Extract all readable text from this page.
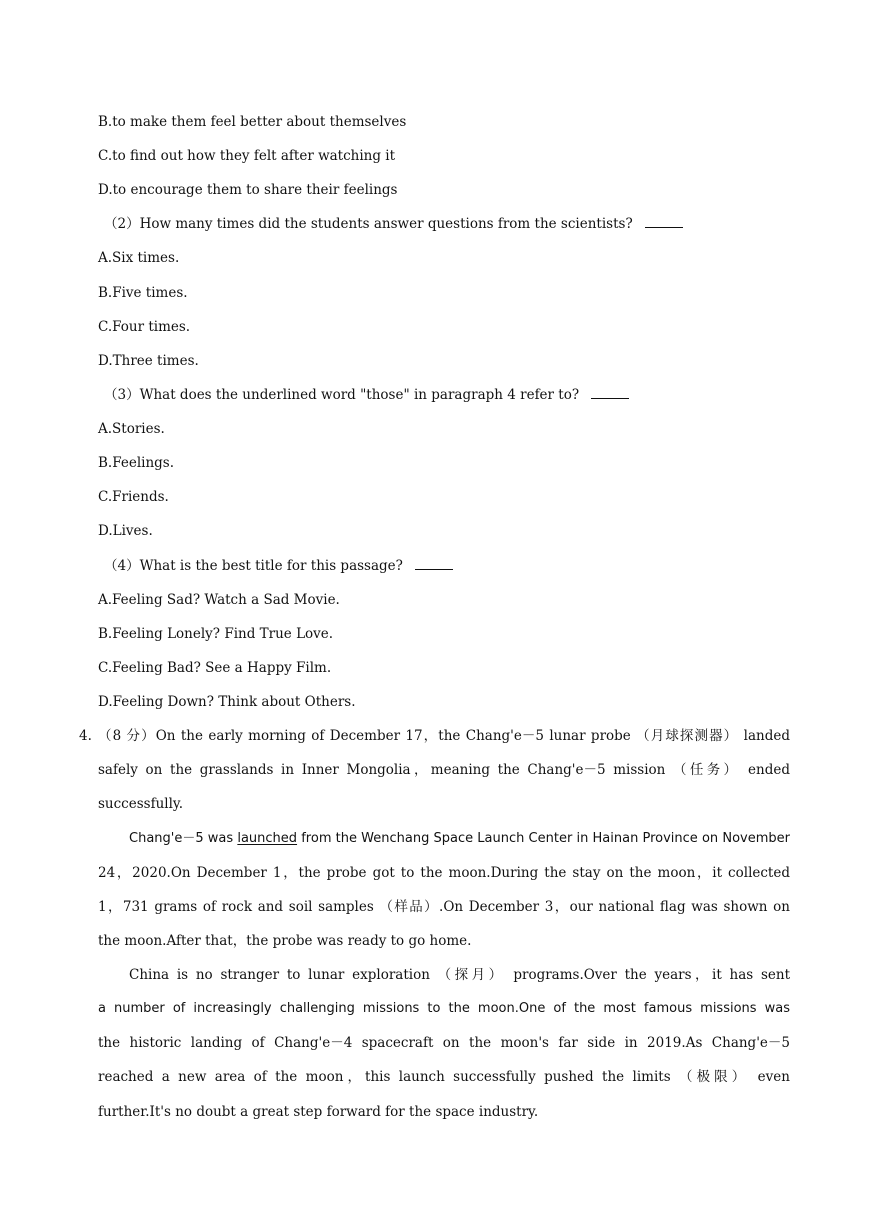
B.to make them feel better about themselves
C.to find out how they felt after watching it
D.to encourage them to share their feelings
（2）How many times did the students answer questions from the scientists?
A.Six times.
B.Five times.
C.Four times.
D.Three times.
（3）What does the underlined word "those" in paragraph 4 refer to?
A.Stories.
B.Feelings.
C.Friends.
D.Lives.
（4）What is the best title for this passage?
A.Feeling Sad? Watch a Sad Movie.
B.Feeling Lonely? Find True Love.
C.Feeling Bad? See a Happy Film.
D.Feeling Down? Think about Others.
4. （8 分）On the early morning of December 17，the Chang'e－5 lunar probe （月球探测器） landed
safely on the grasslands in Inner Mongolia，meaning the Chang'e－5 mission （任务） ended
successfully.
Chang'e－5 was launched from the Wenchang Space Launch Center in Hainan Province on November
24，2020.On December 1，the probe got to the moon.During the stay on the moon，it collected
1，731 grams of rock and soil samples （样品）.On December 3，our national flag was shown on
the moon.After that，the probe was ready to go home.
China is no stranger to lunar exploration （探月） programs.Over the years，it has sent
a number of increasingly challenging missions to the moon.One of the most famous missions was
the historic landing of Chang'e－4 spacecraft on the moon's far side in 2019.As Chang'e－5
reached a new area of the moon，this launch successfully pushed the limits （极限） even
further.It's no doubt a great step forward for the space industry.
